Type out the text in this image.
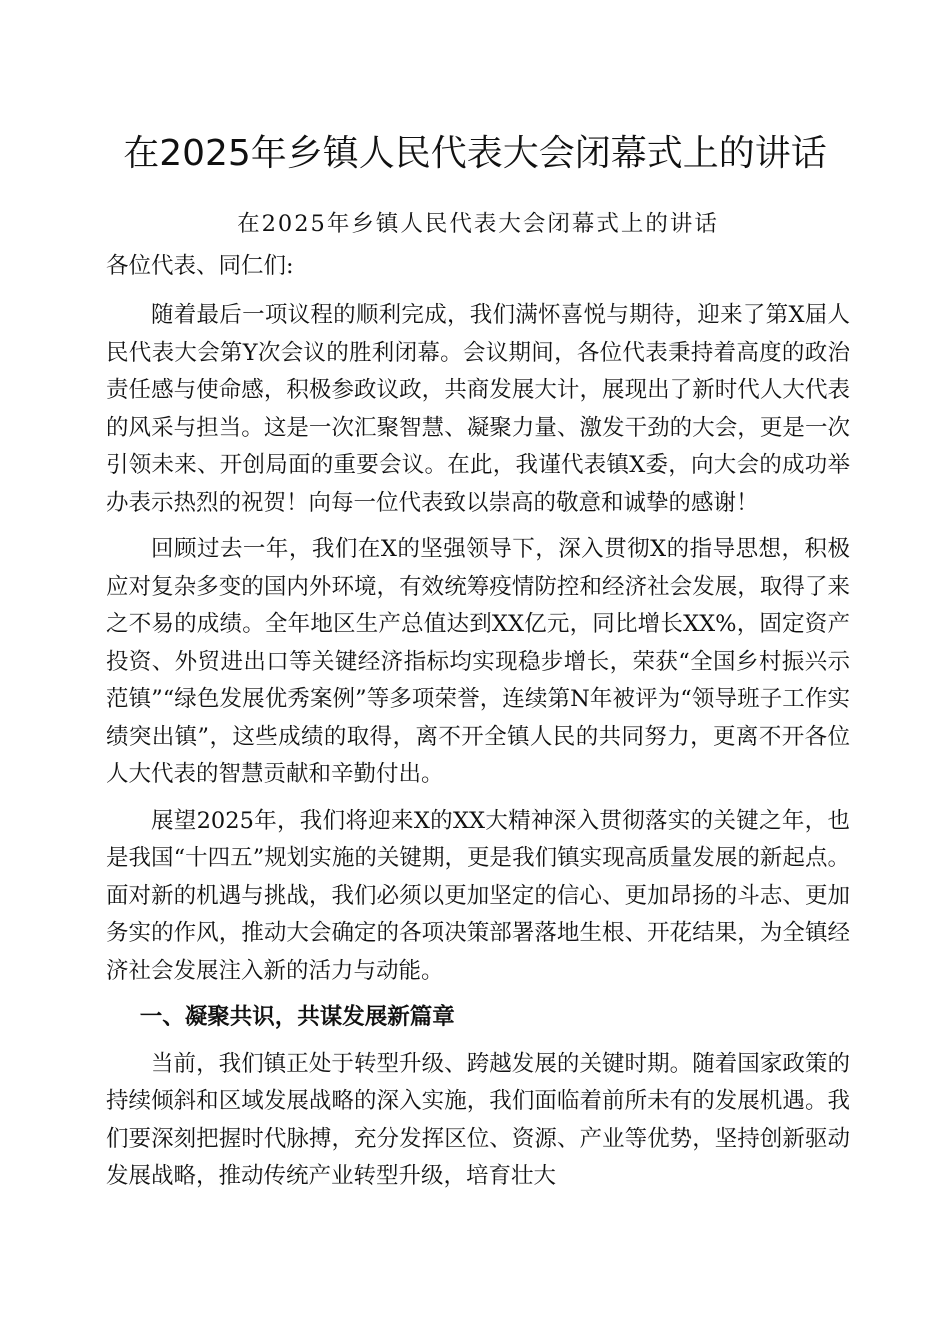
在2025年乡镇人民代表大会闭幕式上的讲话

在2025年乡镇人民代表大会闭幕式上的讲话

各位代表、同仁们:

随着最后一项议程的顺利完成，我们满怀喜悦与期待，迎来了第X届人民代表大会第Y次会议的胜利闭幕。会议期间，各位代表秉持着高度的政治责任感与使命感，积极参政议政，共商发展大计，展现出了新时代人大代表的风采与担当。这是一次汇聚智慧、凝聚力量、激发干劲的大会，更是一次引领未来、开创局面的重要会议。在此，我谨代表镇X委，向大会的成功举办表示热烈的祝贺！向每一位代表致以崇高的敬意和诚挚的感谢！

回顾过去一年，我们在X的坚强领导下，深入贯彻X的指导思想，积极应对复杂多变的国内外环境，有效统筹疫情防控和经济社会发展，取得了来之不易的成绩。全年地区生产总值达到XX亿元，同比增长XX%，固定资产投资、外贸进出口等关键经济指标均实现稳步增长，荣获“全国乡村振兴示范镇”“绿色发展优秀案例”等多项荣誉，连续第N年被评为“领导班子工作实绩突出镇”，这些成绩的取得，离不开全镇人民的共同努力，更离不开各位人大代表的智慧贡献和辛勤付出。

展望2025年，我们将迎来X的XX大精神深入贯彻落实的关键之年，也是我国“十四五”规划实施的关键期，更是我们镇实现高质量发展的新起点。面对新的机遇与挑战，我们必须以更加坚定的信心、更加昂扬的斗志、更加务实的作风，推动大会确定的各项决策部署落地生根、开花结果，为全镇经济社会发展注入新的活力与动能。

一、凝聚共识，共谋发展新篇章

当前，我们镇正处于转型升级、跨越发展的关键时期。随着国家政策的持续倾斜和区域发展战略的深入实施，我们面临着前所未有的发展机遇。我们要深刻把握时代脉搏，充分发挥区位、资源、产业等优势，坚持创新驱动发展战略，推动传统产业转型升级，培育壮大
